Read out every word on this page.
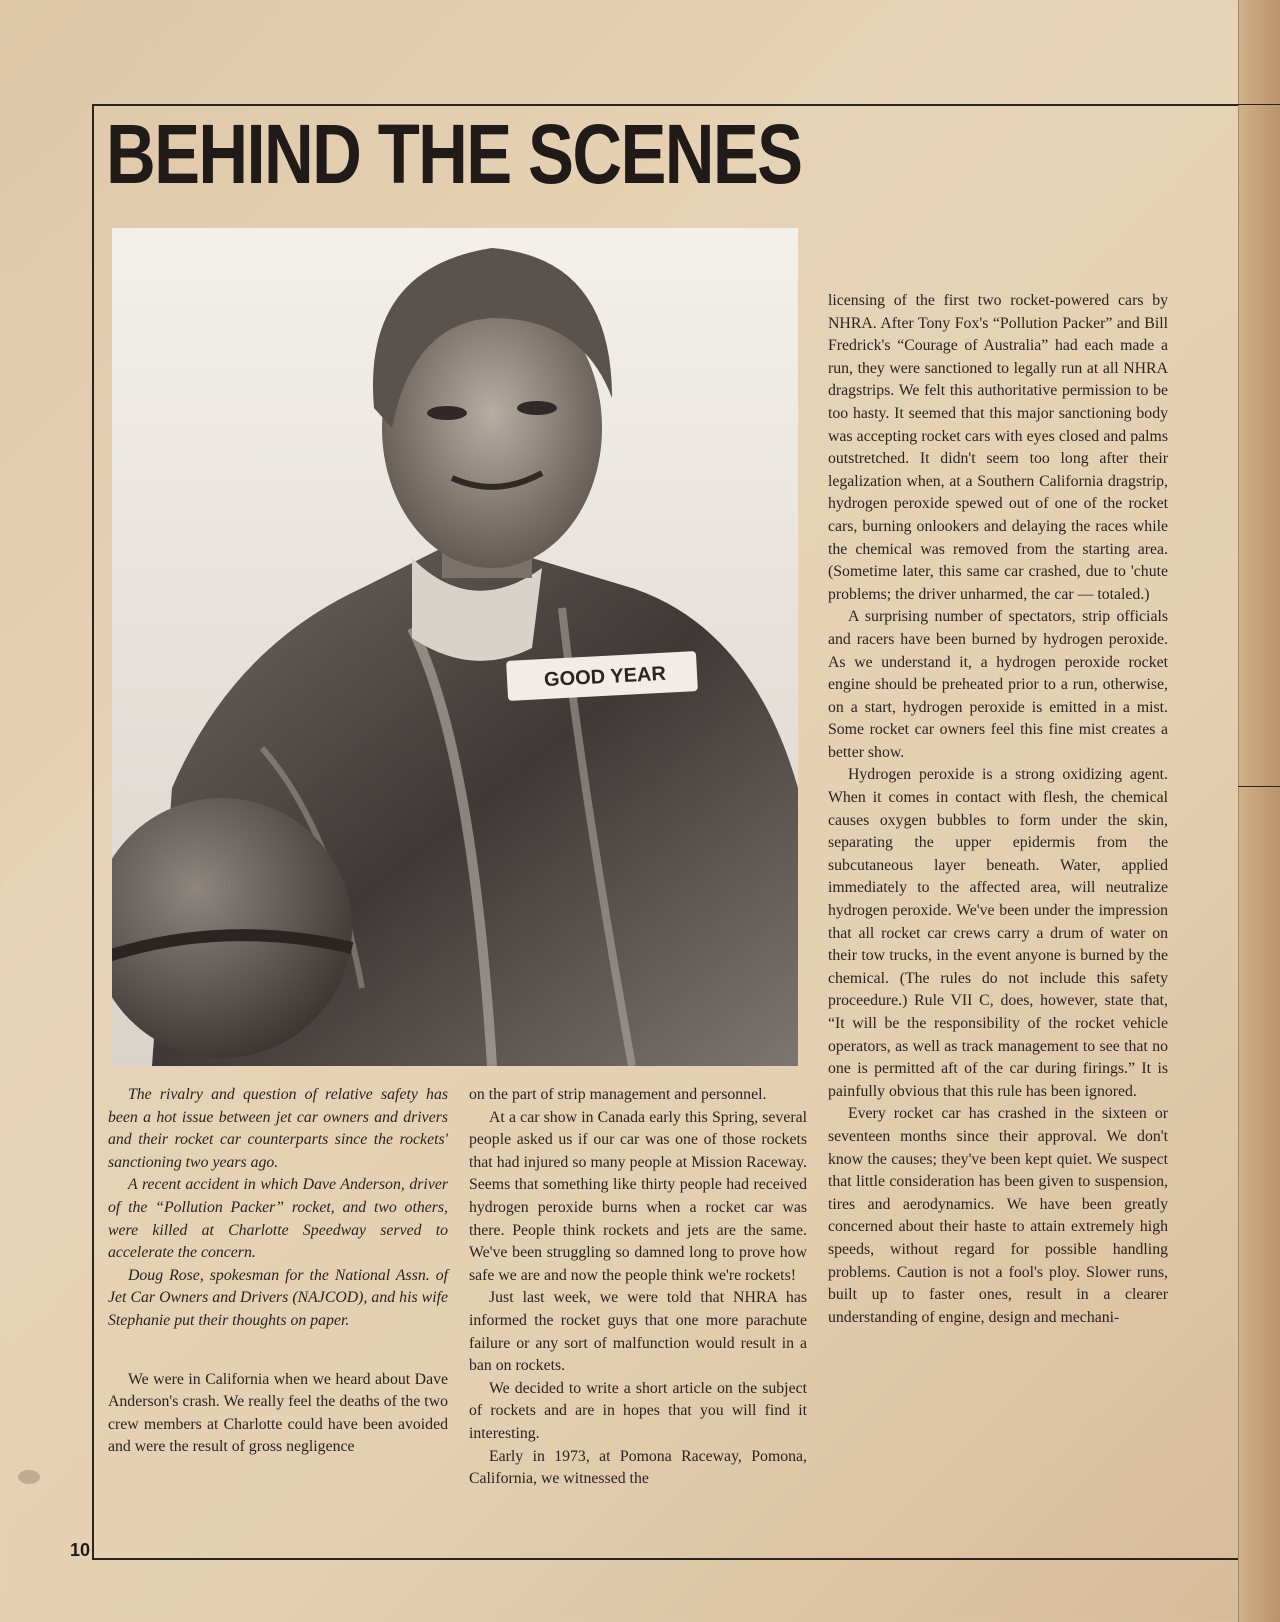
BEHIND THE SCENES
GOOD YEAR

The rivalry and question of relative safety has been a hot issue between jet car owners and drivers and their rocket car counterparts since the rockets' sanctioning two years ago.

A recent accident in which Dave Anderson, driver of the “Pollution Packer” rocket, and two others, were killed at Charlotte Speedway served to accelerate the concern.

Doug Rose, spokesman for the National Assn. of Jet Car Owners and Drivers (NAJCOD), and his wife Stephanie put their thoughts on paper.

We were in California when we heard about Dave Anderson's crash. We really feel the deaths of the two crew members at Charlotte could have been avoided and were the result of gross negligence

on the part of strip management and personnel.

At a car show in Canada early this Spring, several people asked us if our car was one of those rockets that had injured so many people at Mission Raceway. Seems that something like thirty people had received hydrogen peroxide burns when a rocket car was there. People think rockets and jets are the same. We've been struggling so damned long to prove how safe we are and now the people think we're rockets!

Just last week, we were told that NHRA has informed the rocket guys that one more parachute failure or any sort of malfunction would result in a ban on rockets.

We decided to write a short article on the subject of rockets and are in hopes that you will find it interesting.

Early in 1973, at Pomona Raceway, Pomona, California, we witnessed the

licensing of the first two rocket-powered cars by NHRA. After Tony Fox's “Pollution Packer” and Bill Fredrick's “Courage of Australia” had each made a run, they were sanctioned to legally run at all NHRA dragstrips. We felt this authoritative permission to be too hasty. It seemed that this major sanctioning body was accepting rocket cars with eyes closed and palms outstretched. It didn't seem too long after their legalization when, at a Southern California dragstrip, hydrogen peroxide spewed out of one of the rocket cars, burning onlookers and delaying the races while the chemical was removed from the starting area. (Sometime later, this same car crashed, due to 'chute problems; the driver unharmed, the car — totaled.)

A surprising number of spectators, strip officials and racers have been burned by hydrogen peroxide. As we understand it, a hydrogen peroxide rocket engine should be preheated prior to a run, otherwise, on a start, hydrogen peroxide is emitted in a mist. Some rocket car owners feel this fine mist creates a better show.

Hydrogen peroxide is a strong oxidizing agent. When it comes in contact with flesh, the chemical causes oxygen bubbles to form under the skin, separating the upper epidermis from the subcutaneous layer beneath. Water, applied immediately to the affected area, will neutralize hydrogen peroxide. We've been under the impression that all rocket car crews carry a drum of water on their tow trucks, in the event anyone is burned by the chemical. (The rules do not include this safety proceedure.) Rule VII C, does, however, state that, “It will be the responsibility of the rocket vehicle operators, as well as track management to see that no one is permitted aft of the car during firings.” It is painfully obvious that this rule has been ignored.

Every rocket car has crashed in the sixteen or seventeen months since their approval. We don't know the causes; they've been kept quiet. We suspect that little consideration has been given to suspension, tires and aerodynamics. We have been greatly concerned about their haste to attain extremely high speeds, without regard for possible handling problems. Caution is not a fool's ploy. Slower runs, built up to faster ones, result in a clearer understanding of engine, design and mechani-

10
